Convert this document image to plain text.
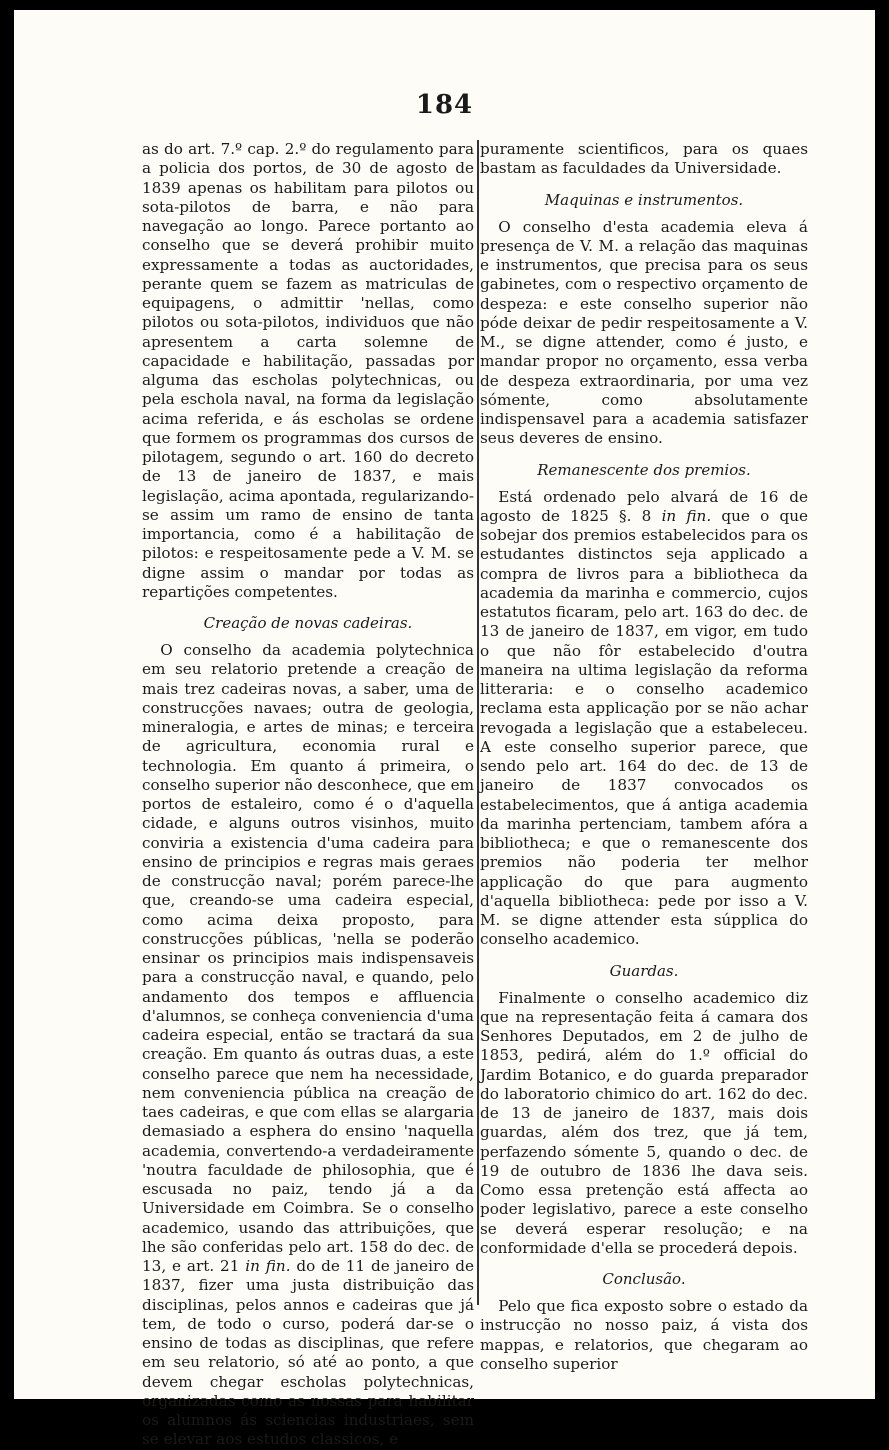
184

as do art. 7.º cap. 2.º do regulamento para a policia dos portos, de 30 de agosto de 1839 apenas os habilitam para pilotos ou sota-pilotos de barra, e não para navegação ao longo. Parece portanto ao conselho que se deverá prohibir muito expressamente a todas as auctoridades, perante quem se fazem as matriculas de equipagens, o admittir 'nellas, como pilotos ou sota-pilotos, individuos que não apresentem a carta solemne de capacidade e habilitação, passadas por alguma das escholas polytechnicas, ou pela eschola naval, na forma da legislação acima referida, e ás escholas se ordene que formem os programmas dos cursos de pilotagem, segundo o art. 160 do decreto de 13 de janeiro de 1837, e mais legislação, acima apontada, regularizando-se assim um ramo de ensino de tanta importancia, como é a habilitação de pilotos: e respeitosamente pede a V. M. se digne assim o mandar por todas as repartições competentes.

Creação de novas cadeiras.

O conselho da academia polytechnica em seu relatorio pretende a creação de mais trez cadeiras novas, a saber, uma de construcções navaes; outra de geologia, mineralogia, e artes de minas; e terceira de agricultura, economia rural e technologia. Em quanto á primeira, o conselho superior não desconhece, que em portos de estaleiro, como é o d'aquella cidade, e alguns outros visinhos, muito conviria a existencia d'uma cadeira para ensino de principios e regras mais geraes de construcção naval; porém parece-lhe que, creando-se uma cadeira especial, como acima deixa proposto, para construcções públicas, 'nella se poderão ensinar os principios mais indispensaveis para a construcção naval, e quando, pelo andamento dos tempos e affluencia d'alumnos, se conheça conveniencia d'uma cadeira especial, então se tractará da sua creação. Em quanto ás outras duas, a este conselho parece que nem ha necessidade, nem conveniencia pública na creação de taes cadeiras, e que com ellas se alargaria demasiado a esphera do ensino 'naquella academia, convertendo-a verdadeiramente 'noutra faculdade de philosophia, que é escusada no paiz, tendo já a da Universidade em Coimbra. Se o conselho academico, usando das attribuições, que lhe são conferidas pelo art. 158 do dec. de 13, e art. 21 in fin. do de 11 de janeiro de 1837, fizer uma justa distribuição das disciplinas, pelos annos e cadeiras que já tem, de todo o curso, poderá dar-se o ensino de todas as disciplinas, que refere em seu relatorio, só até ao ponto, a que devem chegar escholas polytechnicas, organizadas como as nossas para habilitar os alumnos ás sciencias industriaes, sem se elevar aos estudos classicos, e

puramente scientificos, para os quaes bastam as faculdades da Universidade.

Maquinas e instrumentos.

O conselho d'esta academia eleva á presença de V. M. a relação das maquinas e instrumentos, que precisa para os seus gabinetes, com o respectivo orçamento de despeza: e este conselho superior não póde deixar de pedir respeitosamente a V. M., se digne attender, como é justo, e mandar propor no orçamento, essa verba de despeza extraordinaria, por uma vez sómente, como absolutamente indispensavel para a academia satisfazer seus deveres de ensino.

Remanescente dos premios.

Está ordenado pelo alvará de 16 de agosto de 1825 §. 8 in fin. que o que sobejar dos premios estabelecidos para os estudantes distinctos seja applicado a compra de livros para a bibliotheca da academia da marinha e commercio, cujos estatutos ficaram, pelo art. 163 do dec. de 13 de janeiro de 1837, em vigor, em tudo o que não fôr estabelecido d'outra maneira na ultima legislação da reforma litteraria: e o conselho academico reclama esta applicação por se não achar revogada a legislação que a estabeleceu. A este conselho superior parece, que sendo pelo art. 164 do dec. de 13 de janeiro de 1837 convocados os estabelecimentos, que á antiga academia da marinha pertenciam, tambem afóra a bibliotheca; e que o remanescente dos premios não poderia ter melhor applicação do que para augmento d'aquella bibliotheca: pede por isso a V. M. se digne attender esta súpplica do conselho academico.

Guardas.

Finalmente o conselho academico diz que na representação feita á camara dos Senhores Deputados, em 2 de julho de 1853, pedirá, além do 1.º official do Jardim Botanico, e do guarda preparador do laboratorio chimico do art. 162 do dec. de 13 de janeiro de 1837, mais dois guardas, além dos trez, que já tem, perfazendo sómente 5, quando o dec. de 19 de outubro de 1836 lhe dava seis. Como essa pretenção está affecta ao poder legislativo, parece a este conselho se deverá esperar resolução; e na conformidade d'ella se procederá depois.

Conclusão.

Pelo que fica exposto sobre o estado da instrucção no nosso paiz, á vista dos mappas, e relatorios, que chegaram ao conselho superior
